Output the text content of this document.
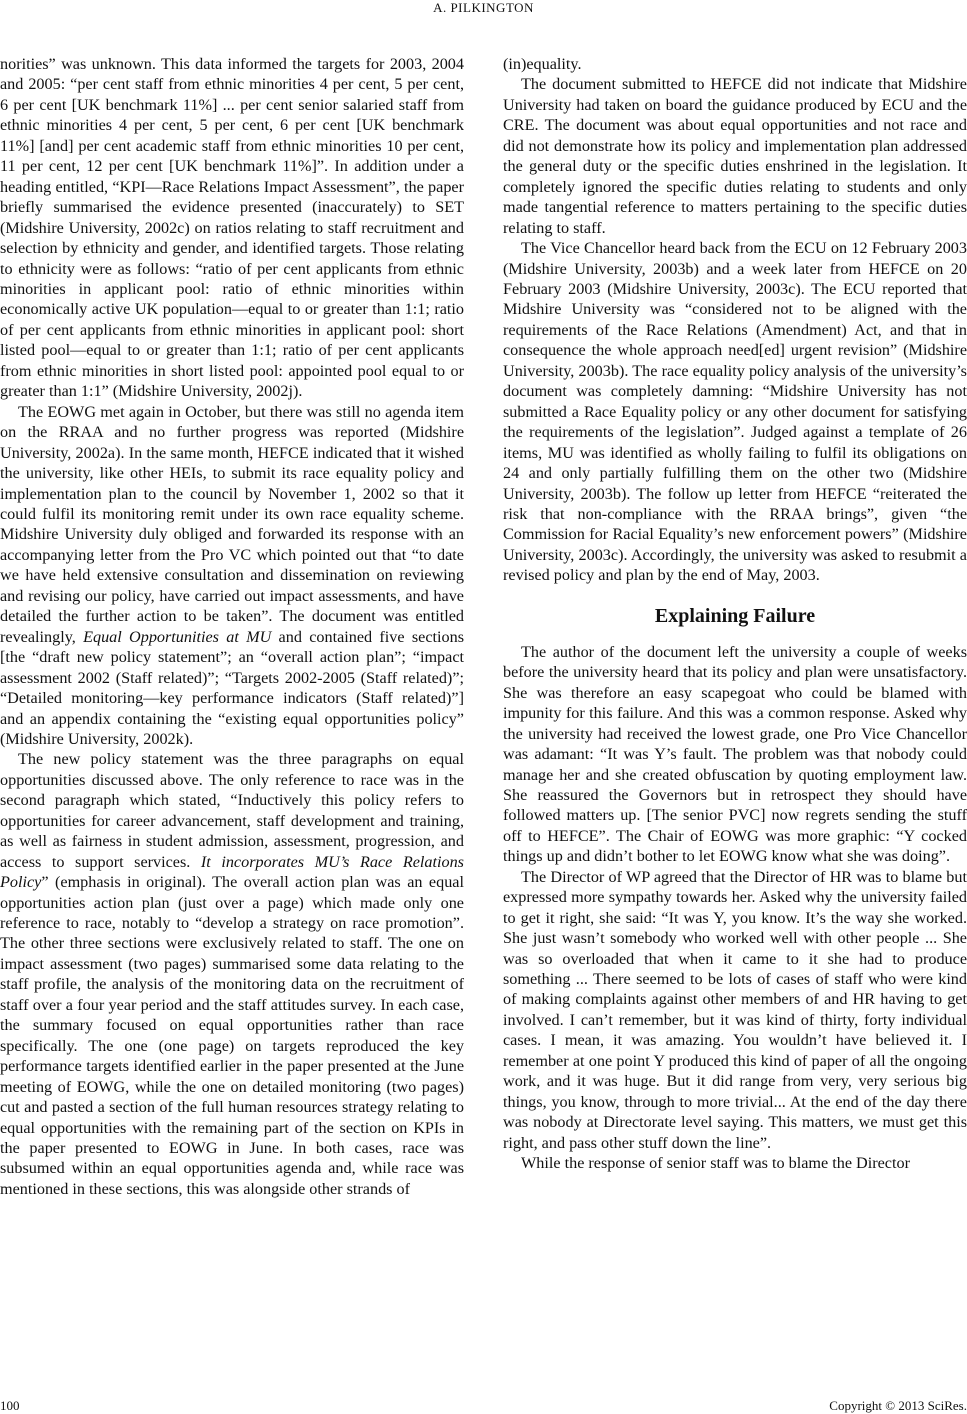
A. PILKINGTON

norities” was unknown. This data informed the targets for 2003, 2004 and 2005: “per cent staff from ethnic minorities 4 per cent, 5 per cent, 6 per cent [UK benchmark 11%] ... per cent senior salaried staff from ethnic minorities 4 per cent, 5 per cent, 6 per cent [UK benchmark 11%] [and] per cent academic staff from ethnic minorities 10 per cent, 11 per cent, 12 per cent [UK benchmark 11%]”. In addition under a heading entitled, “KPI—Race Relations Impact Assessment”, the paper briefly summarised the evidence presented (inaccurately) to SET (Midshire University, 2002c) on ratios relating to staff recruitment and selection by ethnicity and gender, and identified targets. Those relating to ethnicity were as follows: “ratio of per cent applicants from ethnic minorities in applicant pool: ratio of ethnic minorities within economically active UK population—equal to or greater than 1:1; ratio of per cent applicants from ethnic minorities in applicant pool: short listed pool—equal to or greater than 1:1; ratio of per cent applicants from ethnic minorities in short listed pool: appointed pool equal to or greater than 1:1” (Midshire University, 2002j).

The EOWG met again in October, but there was still no agenda item on the RRAA and no further progress was reported (Midshire University, 2002a). In the same month, HEFCE indicated that it wished the university, like other HEIs, to submit its race equality policy and implementation plan to the council by November 1, 2002 so that it could fulfil its monitoring remit under its own race equality scheme. Midshire University duly obliged and forwarded its response with an accompanying letter from the Pro VC which pointed out that “to date we have held extensive consultation and dissemination on reviewing and revising our policy, have carried out impact assessments, and have detailed the further action to be taken”. The document was entitled revealingly, Equal Opportunities at MU and contained five sections [the “draft new policy statement”; an “overall action plan”; “impact assessment 2002 (Staff related)”; “Targets 2002-2005 (Staff related)”; “Detailed monitoring—key performance indicators (Staff related)”] and an appendix containing the “existing equal opportunities policy” (Midshire University, 2002k).

The new policy statement was the three paragraphs on equal opportunities discussed above. The only reference to race was in the second paragraph which stated, “Inductively this policy refers to opportunities for career advancement, staff development and training, as well as fairness in student admission, assessment, progression, and access to support services. It incorporates MU’s Race Relations Policy” (emphasis in original). The overall action plan was an equal opportunities action plan (just over a page) which made only one reference to race, notably to “develop a strategy on race promotion”. The other three sections were exclusively related to staff. The one on impact assessment (two pages) summarised some data relating to the staff profile, the analysis of the monitoring data on the recruitment of staff over a four year period and the staff attitudes survey. In each case, the summary focused on equal opportunities rather than race specifically. The one (one page) on targets reproduced the key performance targets identified earlier in the paper presented at the June meeting of EOWG, while the one on detailed monitoring (two pages) cut and pasted a section of the full human resources strategy relating to equal opportunities with the remaining part of the section on KPIs in the paper presented to EOWG in June. In both cases, race was subsumed within an equal opportunities agenda and, while race was mentioned in these sections, this was alongside other strands of

(in)equality.

The document submitted to HEFCE did not indicate that Midshire University had taken on board the guidance produced by ECU and the CRE. The document was about equal opportunities and not race and did not demonstrate how its policy and implementation plan addressed the general duty or the specific duties enshrined in the legislation. It completely ignored the specific duties relating to students and only made tangential reference to matters pertaining to the specific duties relating to staff.

The Vice Chancellor heard back from the ECU on 12 February 2003 (Midshire University, 2003b) and a week later from HEFCE on 20 February 2003 (Midshire University, 2003c). The ECU reported that Midshire University was “considered not to be aligned with the requirements of the Race Relations (Amendment) Act, and that in consequence the whole approach need[ed] urgent revision” (Midshire University, 2003b). The race equality policy analysis of the university’s document was completely damning: “Midshire University has not submitted a Race Equality policy or any other document for satisfying the requirements of the legislation”. Judged against a template of 26 items, MU was identified as wholly failing to fulfil its obligations on 24 and only partially fulfilling them on the other two (Midshire University, 2003b). The follow up letter from HEFCE “reiterated the risk that non-compliance with the RRAA brings”, given “the Commission for Racial Equality’s new enforcement powers” (Midshire University, 2003c). Accordingly, the university was asked to resubmit a revised policy and plan by the end of May, 2003.

Explaining Failure

The author of the document left the university a couple of weeks before the university heard that its policy and plan were unsatisfactory. She was therefore an easy scapegoat who could be blamed with impunity for this failure. And this was a common response. Asked why the university had received the lowest grade, one Pro Vice Chancellor was adamant: “It was Y’s fault. The problem was that nobody could manage her and she created obfuscation by quoting employment law. She reassured the Governors but in retrospect they should have followed matters up. [The senior PVC] now regrets sending the stuff off to HEFCE”. The Chair of EOWG was more graphic: “Y cocked things up and didn’t bother to let EOWG know what she was doing”.

The Director of WP agreed that the Director of HR was to blame but expressed more sympathy towards her. Asked why the university failed to get it right, she said: “It was Y, you know. It’s the way she worked. She just wasn’t somebody who worked well with other people ... She was so overloaded that when it came to it she had to produce something ... There seemed to be lots of cases of staff who were kind of making complaints against other members of and HR having to get involved. I can’t remember, but it was kind of thirty, forty individual cases. I mean, it was amazing. You wouldn’t have believed it. I remember at one point Y produced this kind of paper of all the ongoing work, and it was huge. But it did range from very, very serious big things, you know, through to more trivial... At the end of the day there was nobody at Directorate level saying. This matters, we must get this right, and pass other stuff down the line”.

While the response of senior staff was to blame the Director

100	Copyright © 2013 SciRes.
